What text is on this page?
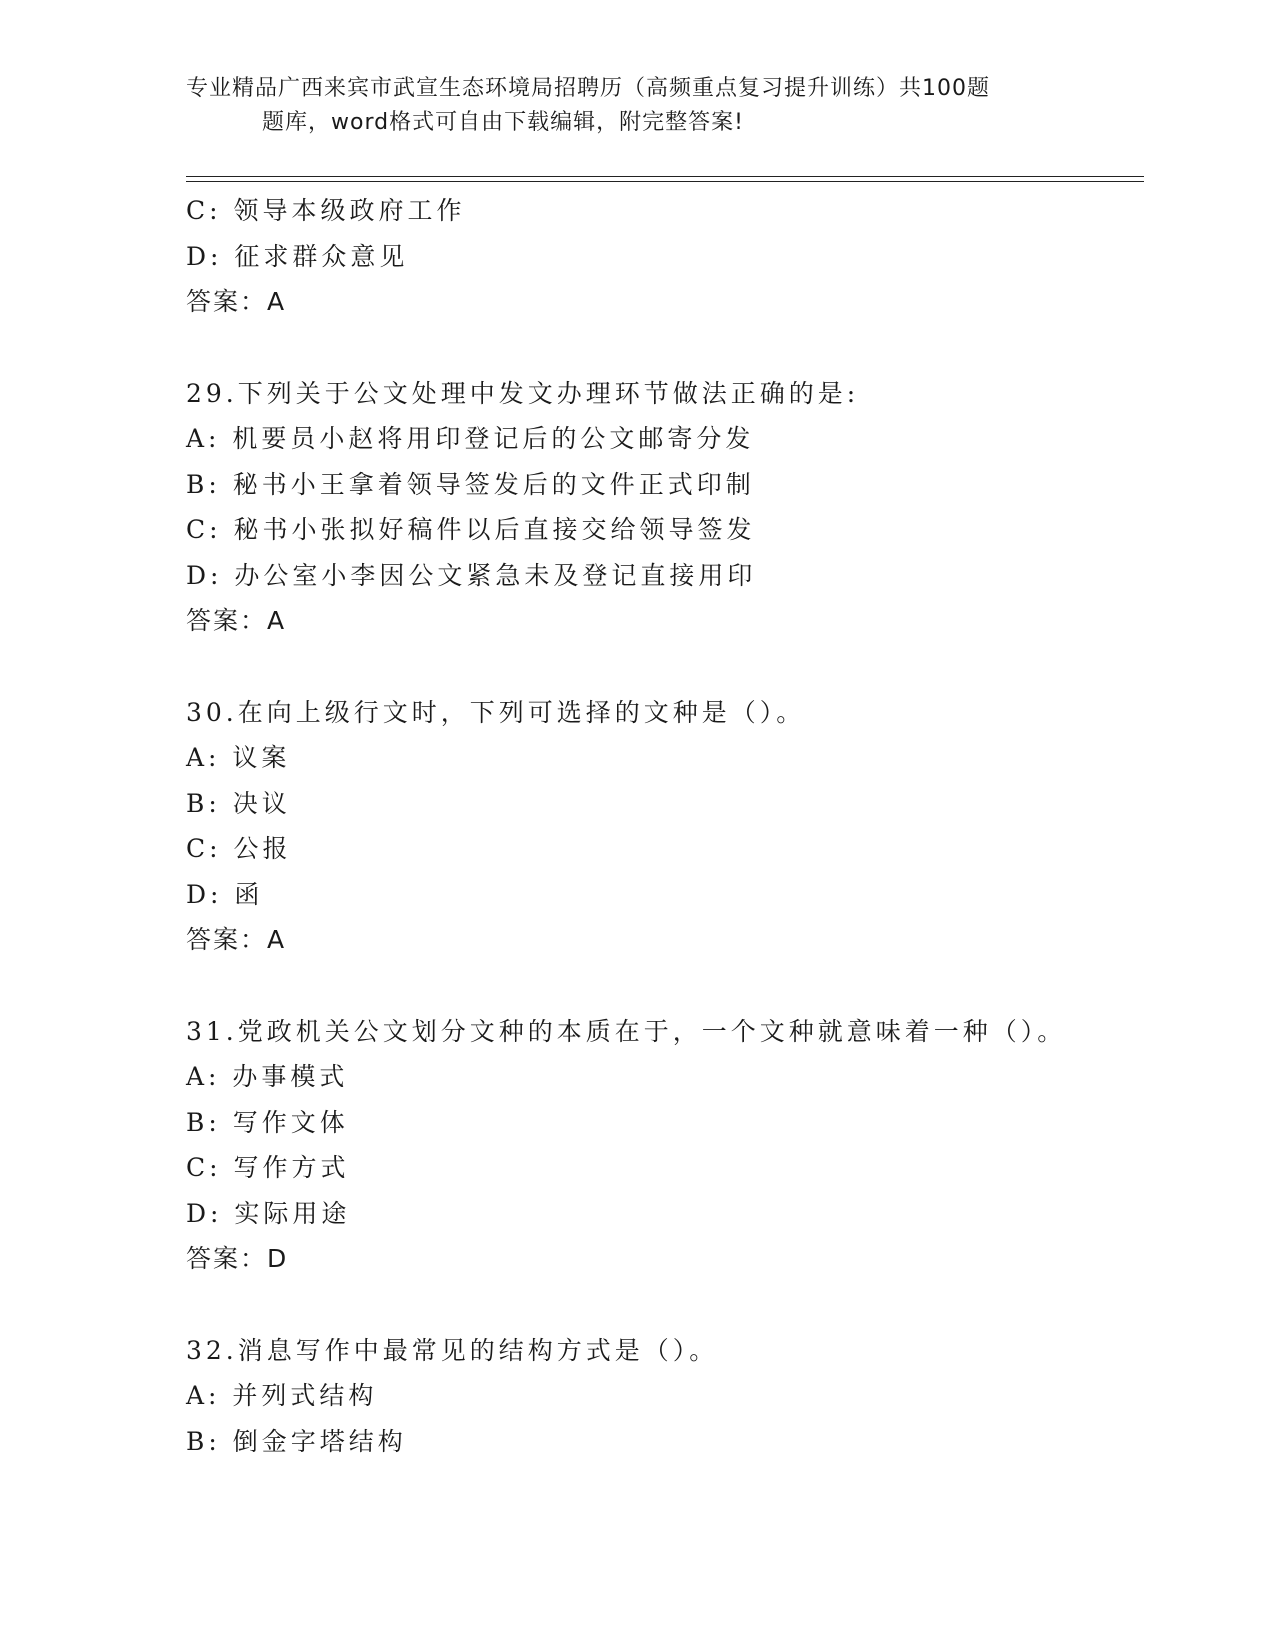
专业精品广西来宾市武宣生态环境局招聘历（高频重点复习提升训练）共100题
题库，word格式可自由下载编辑，附完整答案!
C: 领导本级政府工作
D: 征求群众意见
答案：A
29.下列关于公文处理中发文办理环节做法正确的是:
A: 机要员小赵将用印登记后的公文邮寄分发
B: 秘书小王拿着领导签发后的文件正式印制
C: 秘书小张拟好稿件以后直接交给领导签发
D: 办公室小李因公文紧急未及登记直接用印
答案：A
30.在向上级行文时，下列可选择的文种是（）。
A: 议案
B: 决议
C: 公报
D: 函
答案：A
31.党政机关公文划分文种的本质在于，一个文种就意味着一种（）。
A: 办事模式
B: 写作文体
C: 写作方式
D: 实际用途
答案：D
32.消息写作中最常见的结构方式是（）。
A: 并列式结构
B: 倒金字塔结构
